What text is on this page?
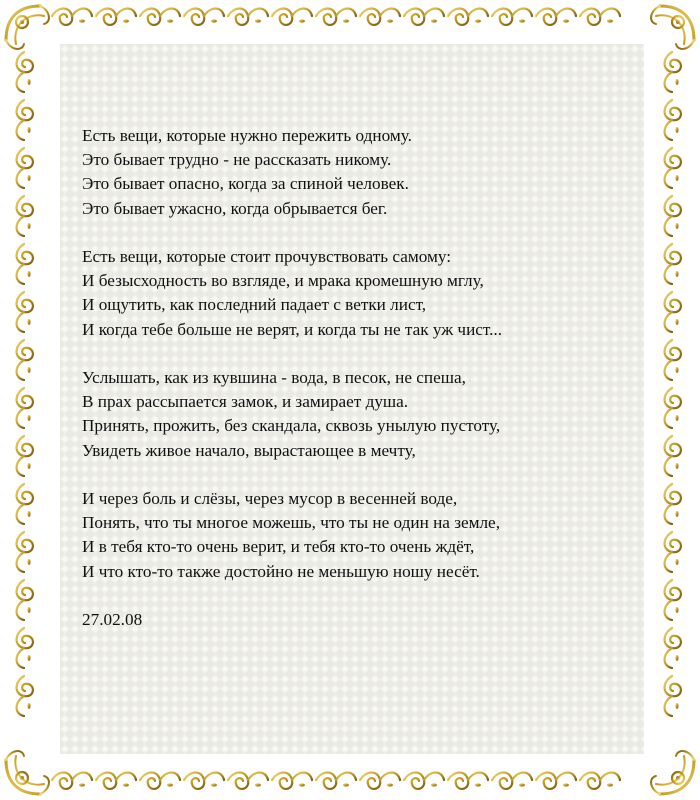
Есть вещи, которые нужно пережить одному.
Это бывает трудно - не рассказать никому.
Это бывает опасно, когда за спиной человек.
Это бывает ужасно, когда обрывается бег.
Есть вещи, которые стоит прочувствовать самому:
И безысходность во взгляде, и мрака кромешную мглу,
И ощутить, как последний падает с ветки лист,
И когда тебе больше не верят, и когда ты не так уж чист...
Услышать, как из кувшина - вода, в песок, не спеша,
В прах рассыпается замок, и замирает душа.
Принять, прожить, без скандала, сквозь унылую пустоту,
Увидеть живое начало, вырастающее в мечту,
И через боль и слёзы, через мусор в весенней воде,
Понять, что ты многое можешь, что ты не один на земле,
И в тебя кто-то очень верит, и тебя кто-то очень ждёт,
И что кто-то также достойно не меньшую ношу несёт.
27.02.08
